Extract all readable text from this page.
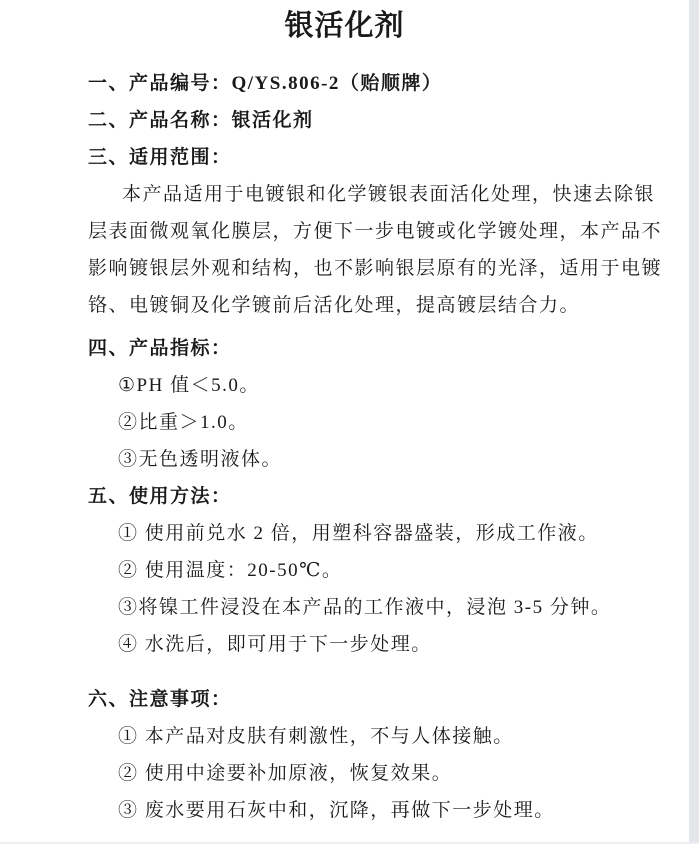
银活化剂
一、产品编号：Q/YS.806-2（贻顺牌）
二、产品名称：银活化剂
三、适用范围：
本产品适用于电镀银和化学镀银表面活化处理，快速去除银
层表面微观氧化膜层，方便下一步电镀或化学镀处理，本产品不
影响镀银层外观和结构，也不影响银层原有的光泽，适用于电镀
铬、电镀铜及化学镀前后活化处理，提高镀层结合力。
四、产品指标：
①PH 值＜5.0。
②比重＞1.0。
③无色透明液体。
五、使用方法：
① 使用前兑水 2 倍，用塑科容器盛装，形成工作液。
② 使用温度：20-50℃。
③将镍工件浸没在本产品的工作液中，浸泡 3-5 分钟。
④ 水洗后，即可用于下一步处理。
六、注意事项：
① 本产品对皮肤有刺激性，不与人体接触。
② 使用中途要补加原液，恢复效果。
③ 废水要用石灰中和，沉降，再做下一步处理。
